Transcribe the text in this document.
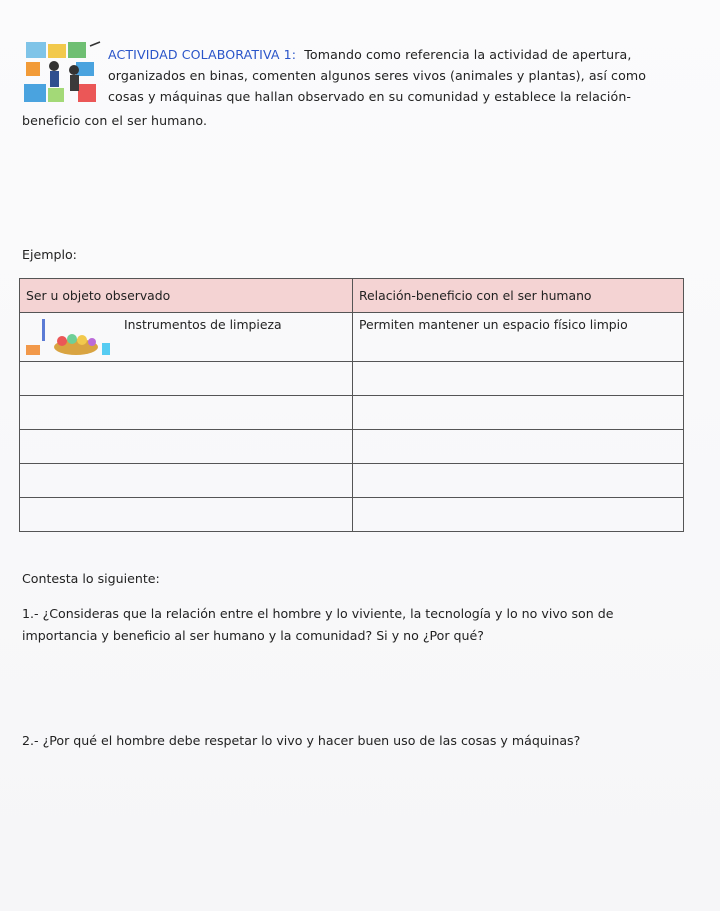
ACTIVIDAD COLABORATIVA 1: Tomando como referencia la actividad de apertura,
organizados en binas, comenten algunos seres vivos (animales y plantas), así como
cosas y máquinas que hallan observado en su comunidad y establece la relación-
beneficio con el ser humano.
Ejemplo:
Ser u objeto observado	Relación-beneficio con el ser humano

Instrumentos de limpieza	Permiten mantener un espacio físico limpio

Contesta lo siguiente:
1.- ¿Consideras que la relación entre el hombre y lo viviente, la tecnología y lo no vivo son de
importancia y beneficio al ser humano y la comunidad? Si y no ¿Por qué?
2.- ¿Por qué el hombre debe respetar lo vivo y hacer buen uso de las cosas y máquinas?
